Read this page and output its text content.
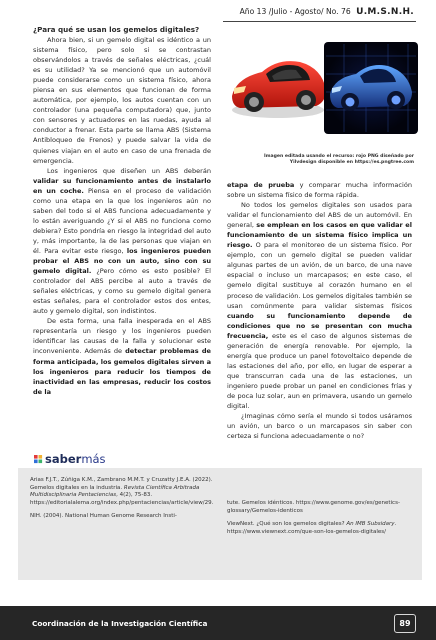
Año 13 /Julio - Agosto/ No. 76 U.M.S.N.H.

¿Para qué se usan los gemelos digitales?

Ahora bien, si un gemelo digital es idéntico a un sistema físico, pero solo si se contrastan observándolos a través de señales eléctricas, ¿cuál es su utilidad? Ya se mencionó que un automóvil puede considerarse como un sistema físico, ahora piensa en sus elementos que funcionan de forma automática, por ejemplo, los autos cuentan con un controlador (una pequeña computadora) que, junto con sensores y actuadores en las ruedas, ayuda al conductor a frenar. Esta parte se llama ABS (Sistema Antibloqueo de Frenos) y puede salvar la vida de quienes viajan en el auto en caso de una frenada de emergencia.

Los ingenieros que diseñen un ABS deberán validar su funcionamiento antes de instalarlo en un coche. Piensa en el proceso de validación como una etapa en la que los ingenieros aún no saben del todo si el ABS funciona adecuadamente y lo están averiguando ¿Y si el ABS no funciona como debiera? Esto pondría en riesgo la integridad del auto y, más importante, la de las personas que viajan en él. Para evitar este riesgo, los ingenieros pueden probar el ABS no con un auto, sino con su gemelo digital. ¿Pero cómo es esto posible? El controlador del ABS percibe al auto a través de señales eléctricas, y como su gemelo digital genera estas señales, para el controlador estos dos entes, auto y gemelo digital, son indistintos.

De esta forma, una falla inesperada en el ABS representaría un riesgo y los ingenieros pueden identificar las causas de la falla y solucionar este inconveniente. Además de detectar problemas de forma anticipada, los gemelos digitales sirven a los ingenieros para reducir los tiempos de inactividad en las empresas, reducir los costos de la

Imagen editada usando el recurso: rojo PNG diseñado por
Yilvdesign disponible en https://es.pngtree.com

etapa de prueba y comparar mucha información sobre un sistema físico de forma rápida.

No todos los gemelos digitales son usados para validar el funcionamiento del ABS de un automóvil. En general, se emplean en los casos en que validar el funcionamiento de un sistema físico implica un riesgo. O para el monitoreo de un sistema físico. Por ejemplo, con un gemelo digital se pueden validar algunas partes de un avión, de un barco, de una nave espacial o incluso un marcapasos; en este caso, el gemelo digital sustituye al corazón humano en el proceso de validación. Los gemelos digitales también se usan comúnmente para validar sistemas físicos cuando su funcionamiento depende de condiciones que no se presentan con mucha frecuencia, este es el caso de algunos sistemas de generación de energía renovable. Por ejemplo, la energía que produce un panel fotovoltaico depende de las estaciones del año, por ello, en lugar de esperar a que transcurran cada una de las estaciones, un ingeniero puede probar un panel en condiciones frías y de poca luz solar, aun en primavera, usando un gemelo digital.

¿Imaginas cómo sería el mundo si todos usáramos un avión, un barco o un marcapasos sin saber con certeza si funciona adecuadamente o no?

sabermás

Arias F.J.T., Zúñiga K.M., Zambrano M.M.T. y Cruzatty J.E.A. (2022). Gemelos digitales en la industria. Revista Científica Arbitrada Multidisciplinaria Pentaciencias, 4(2), 75-83. https://editorialalema.org/index.php/pentaciencias/article/view/29.

NIH. (2004). National Human Genome Research Insti-

tute. Gemelos idénticos. https://www.genome.gov/es/genetics-glossary/Gemelos-identicos

ViewNext. ¿Qué son los gemelos digitales? An IMB Subsidary. https://www.viewnext.com/que-son-los-gemelos-digitales/

Coordinación de la Investigación Científica	89
